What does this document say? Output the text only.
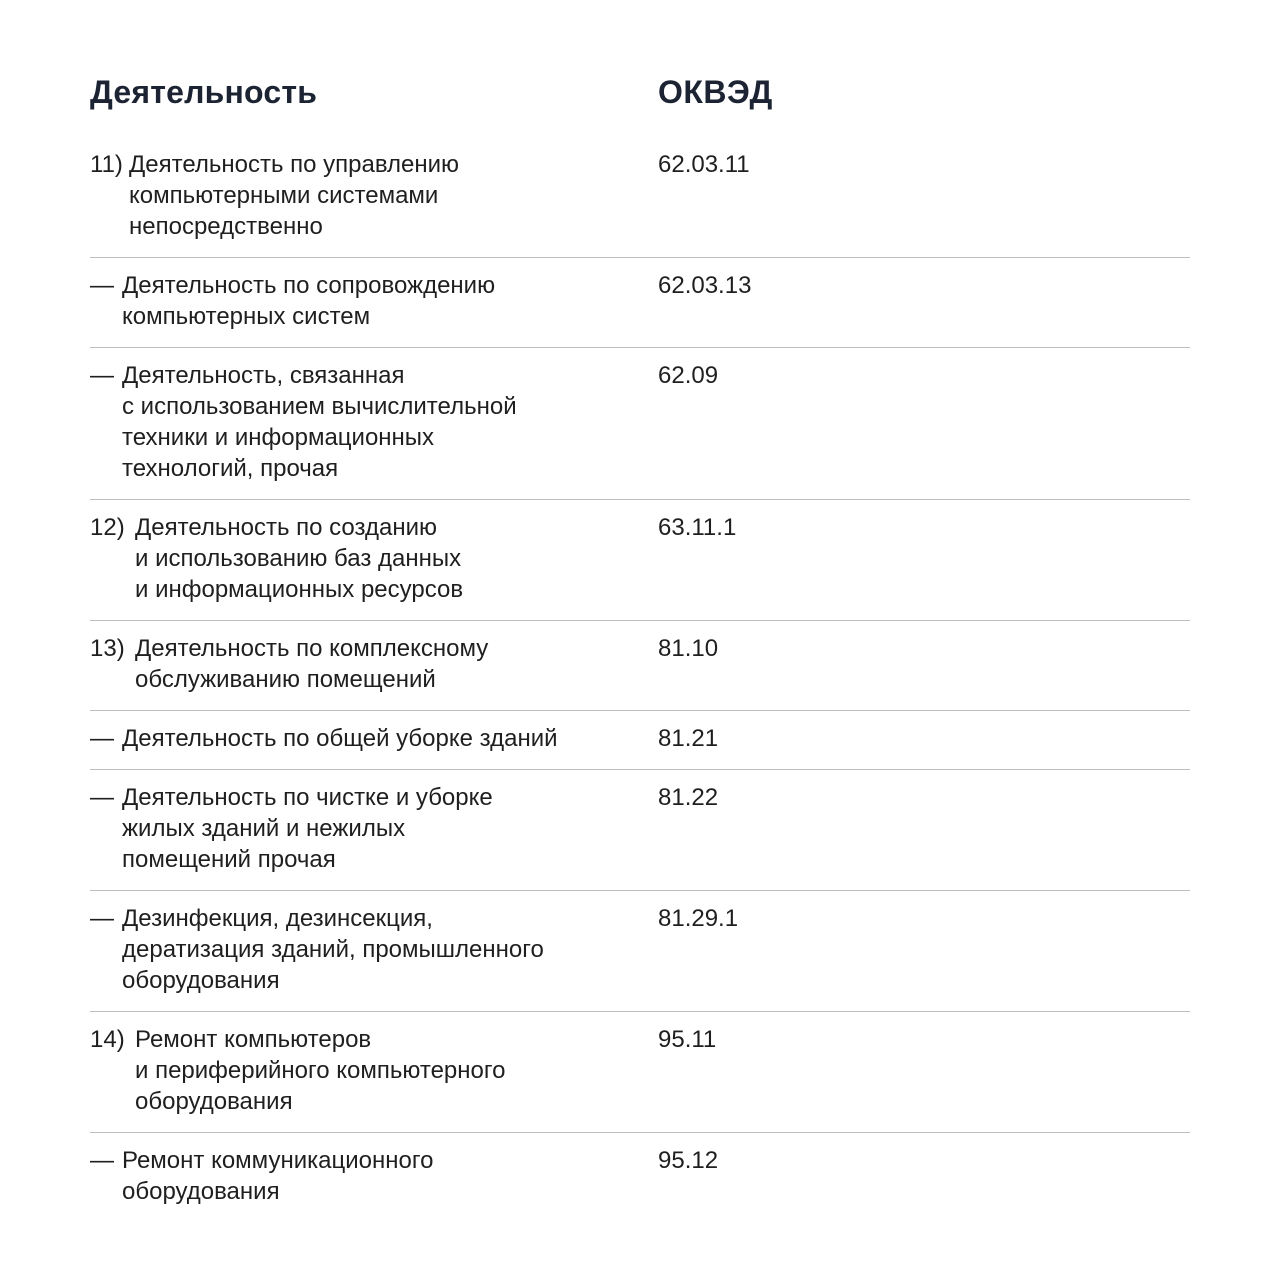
Деятельность	ОКВЭД
11) Деятельность по управлению
компьютерными системами
непосредственно
62.03.11
— Деятельность по сопровождению
компьютерных систем
62.03.13
— Деятельность, связанная
с использованием вычислительной
техники и информационных
технологий, прочая
62.09
12) Деятельность по созданию
и использованию баз данных
и информационных ресурсов
63.11.1
13) Деятельность по комплексному
обслуживанию помещений
81.10
— Деятельность по общей уборке зданий	81.21
— Деятельность по чистке и уборке
жилых зданий и нежилых
помещений прочая
81.22
— Дезинфекция, дезинсекция,
дератизация зданий, промышленного
оборудования
81.29.1
14) Ремонт компьютеров
и периферийного компьютерного
оборудования
95.11
— Ремонт коммуникационного
оборудования
95.12
